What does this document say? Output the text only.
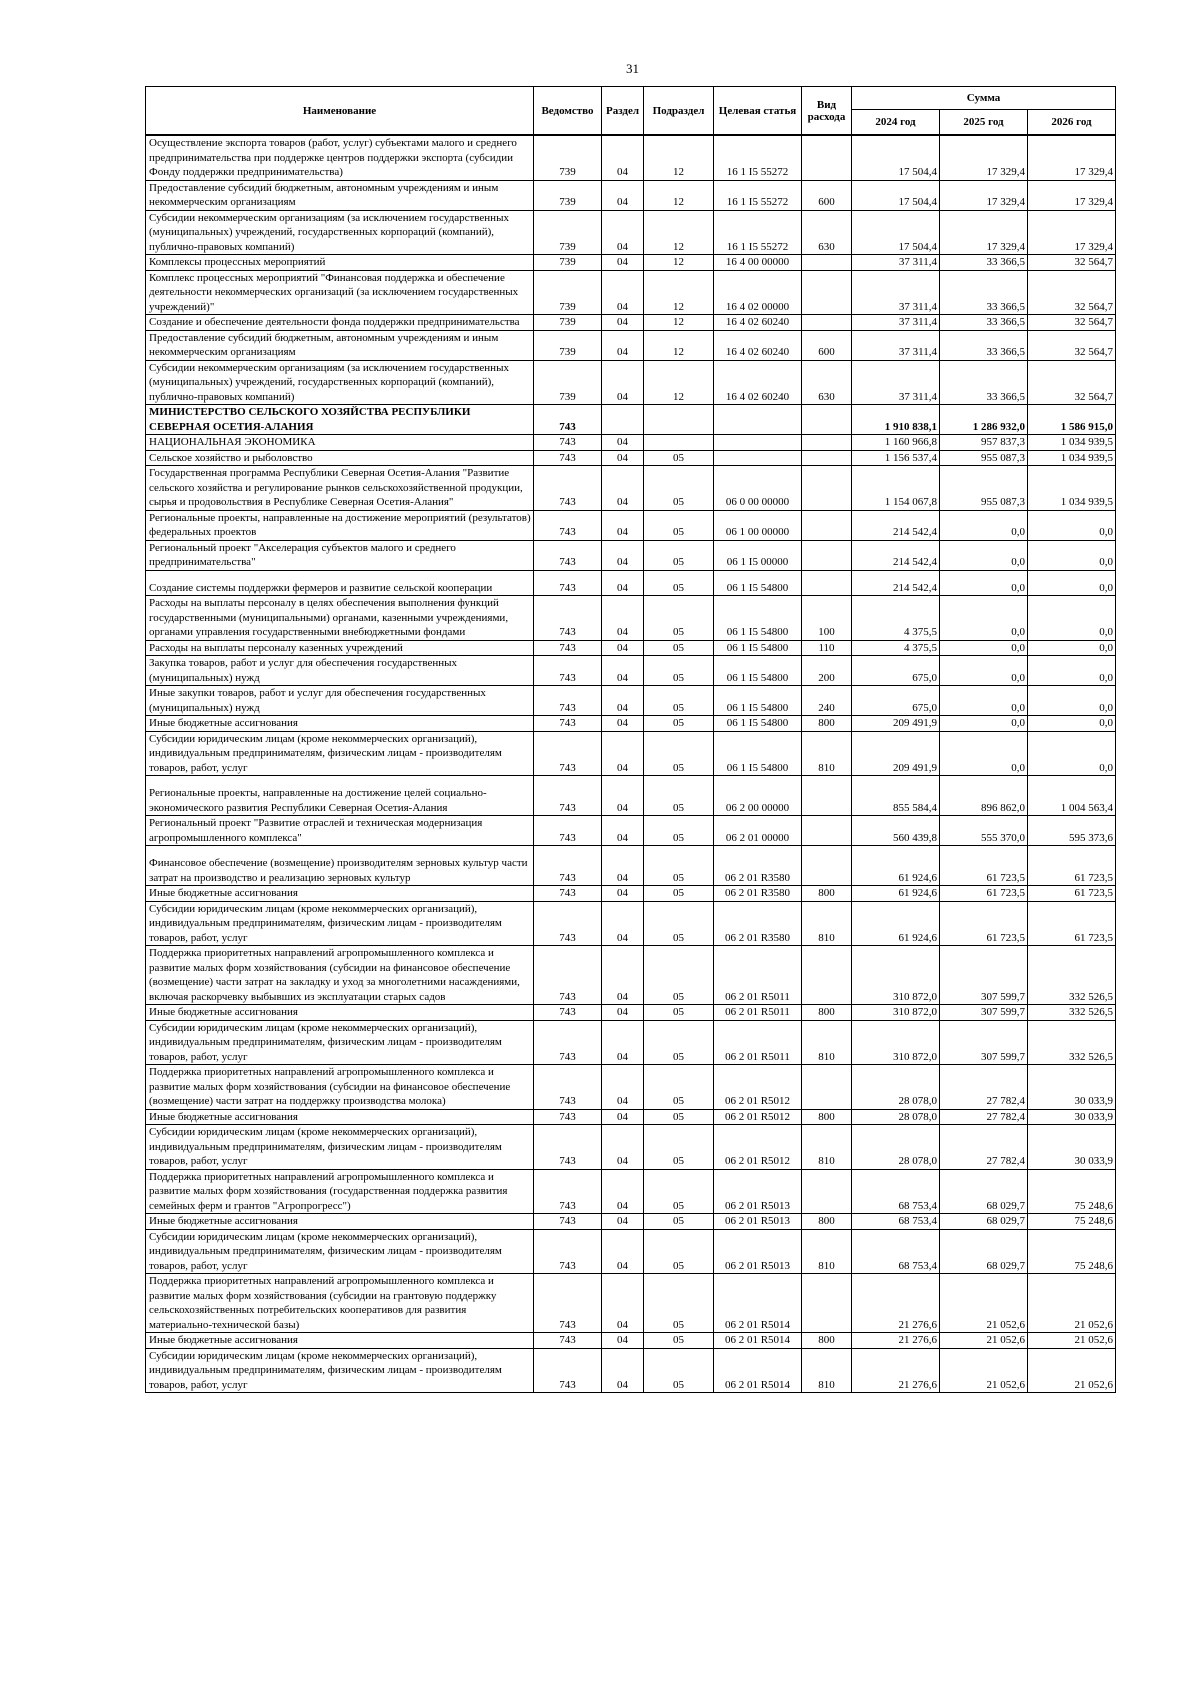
31
Наименование	Ведомство	Раздел	Подраздел	Целевая статья	Вид расхода	Сумма		
						2024 год	2025 год	2026 год
Осуществление экспорта товаров (работ, услуг) субъектами малого и среднего предпринимательства при поддержке центров поддержки экспорта (субсидии Фонду поддержки предпринимательства)	739	04	12	16 1 I5 55272		17 504,4	17 329,4	17 329,4
Предоставление субсидий бюджетным, автономным учреждениям и иным некоммерческим организациям	739	04	12	16 1 I5 55272	600	17 504,4	17 329,4	17 329,4
Субсидии некоммерческим организациям (за исключением государственных (муниципальных) учреждений, государственных корпораций (компаний), публично-правовых компаний)	739	04	12	16 1 I5 55272	630	17 504,4	17 329,4	17 329,4
Комплексы процессных мероприятий	739	04	12	16 4 00 00000		37 311,4	33 366,5	32 564,7
Комплекс процессных мероприятий "Финансовая поддержка и обеспечение деятельности некоммерческих организаций (за исключением государственных учреждений)"	739	04	12	16 4 02 00000		37 311,4	33 366,5	32 564,7
Создание и обеспечение деятельности фонда поддержки предпринимательства	739	04	12	16 4 02 60240		37 311,4	33 366,5	32 564,7
Предоставление субсидий бюджетным, автономным учреждениям и иным некоммерческим организациям	739	04	12	16 4 02 60240	600	37 311,4	33 366,5	32 564,7
Субсидии некоммерческим организациям (за исключением государственных (муниципальных) учреждений, государственных корпораций (компаний), публично-правовых компаний)	739	04	12	16 4 02 60240	630	37 311,4	33 366,5	32 564,7
МИНИСТЕРСТВО СЕЛЬСКОГО ХОЗЯЙСТВА РЕСПУБЛИКИ СЕВЕРНАЯ ОСЕТИЯ-АЛАНИЯ	743					1 910 838,1	1 286 932,0	1 586 915,0
НАЦИОНАЛЬНАЯ ЭКОНОМИКА	743	04				1 160 966,8	957 837,3	1 034 939,5
Сельское хозяйство и рыболовство	743	04	05			1 156 537,4	955 087,3	1 034 939,5
Государственная программа Республики Северная Осетия-Алания "Развитие сельского хозяйства и регулирование рынков сельскохозяйственной продукции, сырья и продовольствия в Республике Северная Осетия-Алания"	743	04	05	06 0 00 00000		1 154 067,8	955 087,3	1 034 939,5
Региональные проекты, направленные на достижение мероприятий (результатов) федеральных проектов	743	04	05	06 1 00 00000		214 542,4	0,0	0,0
Региональный проект "Акселерация субъектов малого и среднего предпринимательства"	743	04	05	06 1 I5 00000		214 542,4	0,0	0,0
Создание системы поддержки фермеров и развитие сельской кооперации	743	04	05	06 1 I5 54800		214 542,4	0,0	0,0
Расходы на выплаты персоналу в целях обеспечения выполнения функций государственными (муниципальными) органами, казенными учреждениями, органами управления государственными внебюджетными фондами	743	04	05	06 1 I5 54800	100	4 375,5	0,0	0,0
Расходы на выплаты персоналу казенных учреждений	743	04	05	06 1 I5 54800	110	4 375,5	0,0	0,0
Закупка товаров, работ и услуг для обеспечения государственных (муниципальных) нужд	743	04	05	06 1 I5 54800	200	675,0	0,0	0,0
Иные закупки товаров, работ и услуг для обеспечения государственных (муниципальных) нужд	743	04	05	06 1 I5 54800	240	675,0	0,0	0,0
Иные бюджетные ассигнования	743	04	05	06 1 I5 54800	800	209 491,9	0,0	0,0
Субсидии юридическим лицам (кроме некоммерческих организаций), индивидуальным предпринимателям, физическим лицам - производителям товаров, работ, услуг	743	04	05	06 1 I5 54800	810	209 491,9	0,0	0,0
Региональные проекты, направленные на достижение целей социально-экономического развития Республики Северная Осетия-Алания	743	04	05	06 2 00 00000		855 584,4	896 862,0	1 004 563,4
Региональный проект "Развитие отраслей и техническая модернизация агропромышленного комплекса"	743	04	05	06 2 01 00000		560 439,8	555 370,0	595 373,6
Финансовое обеспечение (возмещение) производителям зерновых культур части затрат на производство и реализацию зерновых культур	743	04	05	06 2 01 R3580		61 924,6	61 723,5	61 723,5
Иные бюджетные ассигнования	743	04	05	06 2 01 R3580	800	61 924,6	61 723,5	61 723,5
Субсидии юридическим лицам (кроме некоммерческих организаций), индивидуальным предпринимателям, физическим лицам - производителям товаров, работ, услуг	743	04	05	06 2 01 R3580	810	61 924,6	61 723,5	61 723,5
Поддержка приоритетных направлений агропромышленного комплекса и развитие малых форм хозяйствования (субсидии на финансовое обеспечение (возмещение) части затрат на закладку и уход за многолетними насаждениями, включая раскорчевку выбывших из эксплуатации старых садов	743	04	05	06 2 01 R5011		310 872,0	307 599,7	332 526,5
Иные бюджетные ассигнования	743	04	05	06 2 01 R5011	800	310 872,0	307 599,7	332 526,5
Субсидии юридическим лицам (кроме некоммерческих организаций), индивидуальным предпринимателям, физическим лицам - производителям товаров, работ, услуг	743	04	05	06 2 01 R5011	810	310 872,0	307 599,7	332 526,5
Поддержка приоритетных направлений агропромышленного комплекса и развитие малых форм хозяйствования (субсидии на финансовое обеспечение (возмещение) части затрат на поддержку производства молока)	743	04	05	06 2 01 R5012		28 078,0	27 782,4	30 033,9
Иные бюджетные ассигнования	743	04	05	06 2 01 R5012	800	28 078,0	27 782,4	30 033,9
Субсидии юридическим лицам (кроме некоммерческих организаций), индивидуальным предпринимателям, физическим лицам - производителям товаров, работ, услуг	743	04	05	06 2 01 R5012	810	28 078,0	27 782,4	30 033,9
Поддержка приоритетных направлений агропромышленного комплекса и развитие малых форм хозяйствования (государственная поддержка развития семейных ферм и грантов "Агропрогресс")	743	04	05	06 2 01 R5013		68 753,4	68 029,7	75 248,6
Иные бюджетные ассигнования	743	04	05	06 2 01 R5013	800	68 753,4	68 029,7	75 248,6
Субсидии юридическим лицам (кроме некоммерческих организаций), индивидуальным предпринимателям, физическим лицам - производителям товаров, работ, услуг	743	04	05	06 2 01 R5013	810	68 753,4	68 029,7	75 248,6
Поддержка приоритетных направлений агропромышленного комплекса и развитие малых форм хозяйствования (субсидии на грантовую поддержку сельскохозяйственных потребительских кооперативов для развития материально-технической базы)	743	04	05	06 2 01 R5014		21 276,6	21 052,6	21 052,6
Иные бюджетные ассигнования	743	04	05	06 2 01 R5014	800	21 276,6	21 052,6	21 052,6
Субсидии юридическим лицам (кроме некоммерческих организаций), индивидуальным предпринимателям, физическим лицам - производителям товаров, работ, услуг	743	04	05	06 2 01 R5014	810	21 276,6	21 052,6	21 052,6
